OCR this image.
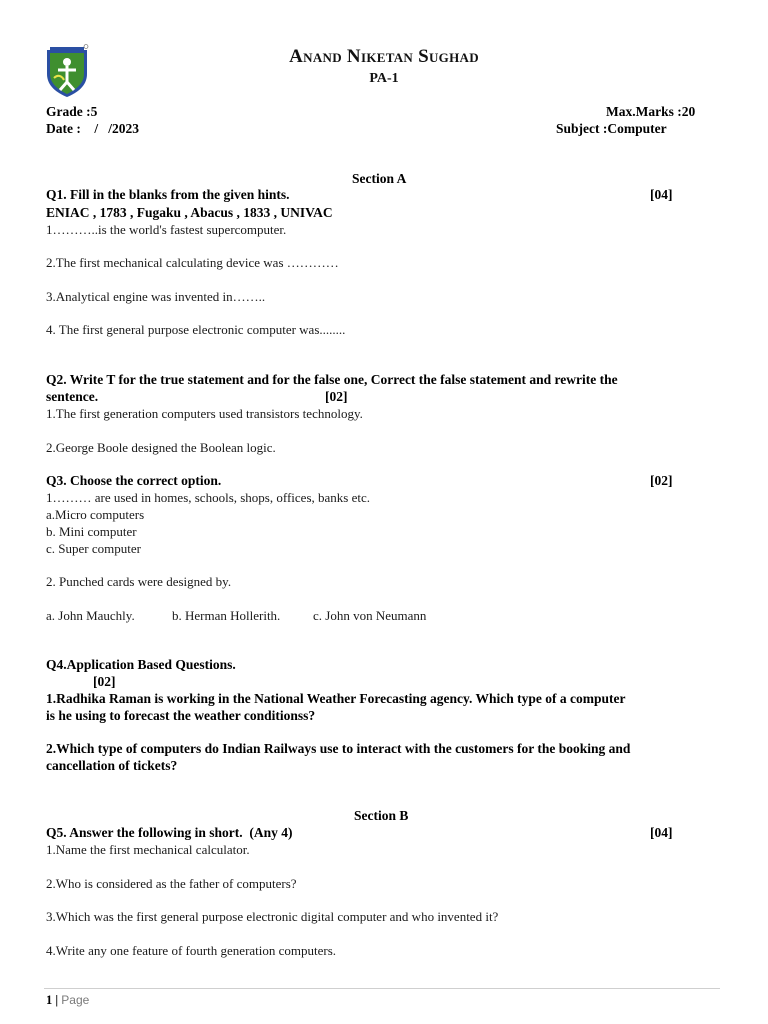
Anand Niketan Sughad
PA-1
Grade :5	Max.Marks :20
Date :    /   /2023	Subject :Computer
Section A
Q1. Fill in the blanks from the given hints.	[04]
ENIAC , 1783 , Fugaku , Abacus , 1833 , UNIVAC
1………..is the world's fastest supercomputer.
2.The first mechanical calculating device was …………
3.Analytical engine was invented in……..
4. The first general purpose electronic computer was........
Q2. Write T for the true statement and for the false one, Correct the false statement and rewrite the
sentence.	[02]
1.The first generation computers used transistors technology.
2.George Boole designed the Boolean logic.
Q3. Choose the correct option.	[02]
1……… are used in homes, schools, shops, offices, banks etc.
a.Micro computers
b. Mini computer
c. Super computer
2. Punched cards were designed by.
a. John Mauchly.	b. Herman Hollerith.	c. John von Neumann
Q4.Application Based Questions.
[02]
1.Radhika Raman is working in the National Weather Forecasting agency. Which type of a computer
is he using to forecast the weather conditionss?
2.Which type of computers do Indian Railways use to interact with the customers for the booking and
cancellation of tickets?
Section B
Q5. Answer the following in short.  (Any 4)	[04]
1.Name the first mechanical calculator.
2.Who is considered as the father of computers?
3.Which was the first general purpose electronic digital computer and who invented it?
4.Write any one feature of fourth generation computers.
1 | Page
